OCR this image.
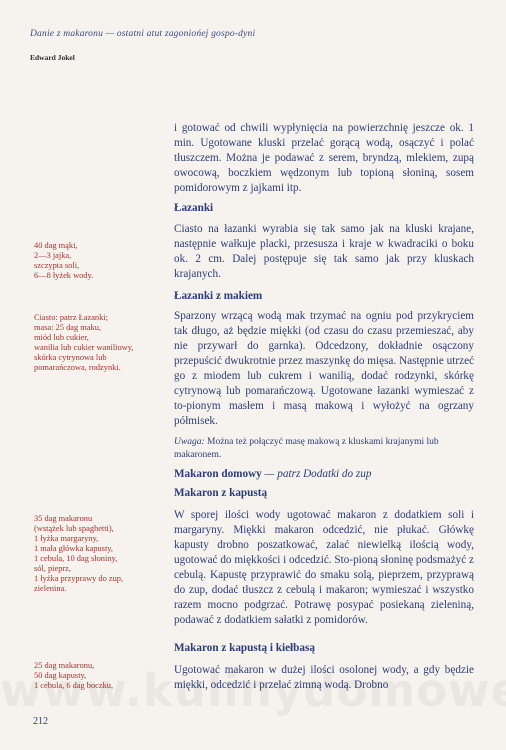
Danie z makaronu — ostatni atut zagoniońej gospo-dyni
Edward Jokel

i gotować od chwili wypłynięcia na powierzchnię jeszcze ok. 1 min. Ugotowane kluski przelać gorącą wodą, osączyć i polać tłuszczem. Można je podawać z serem, bryndzą, mlekiem, zupą owocową, boczkiem wędzonym lub topioną słoniną, sosem pomidorowym z jajkami itp.

Łazanki

Ciasto na łazanki wyrabia się tak samo jak na kluski krajane, następnie wałkuje placki, przesusza i kraje w kwadraciki o boku ok. 2 cm. Dalej postępuje się tak samo jak przy kluskach krajanych.

Łazanki z makiem

Sparzony wrzącą wodą mak trzymać na ogniu pod przykryciem tak długo, aż będzie miękki (od czasu do czasu przemieszać, aby nie przywarł do garnka). Odcedzony, dokładnie osączony przepuścić dwukrotnie przez maszynkę do mięsa. Następnie utrzeć go z miodem lub cukrem i wanilią, dodać rodzynki, skórkę cytrynową lub pomarańczową. Ugotowane łazanki wymieszać z to-pionym masłem i masą makową i wyłożyć na ogrzany półmisek.

Uwaga: Można też połączyć masę makową z kluskami krajanymi lub makaronem.

Makaron domowy — patrz Dodatki do zup

Makaron z kapustą

W sporej ilości wody ugotować makaron z dodatkiem soli i margaryny. Miękki makaron odcedzić, nie płukać. Główkę kapusty drobno poszatkować, zalać niewielką ilością wody, ugotować do miękkości i odcedzić. Sto-pioną słoninę podsmażyć z cebulą. Kapustę przyprawić do smaku solą, pieprzem, przyprawą do zup, dodać tłuszcz z cebulą i makaron; wymieszać i wszystko razem mocno podgrzać. Potrawę posypać posiekaną zieleniną, podawać z dodatkiem sałatki z pomidorów.

Makaron z kapustą i kiełbasą

Ugotować makaron w dużej ilości osolonej wody, a gdy będzie miękki, odcedzić i przelać zimną wodą. Drobno

40 dag mąki,
2—3 jajka,
szczypta soli,
6—8 łyżek wody.
Ciasto: patrz Łazanki;
masa: 25 dag maku,
miód lub cukier,
wanilia lub cukier waniliowy,
skórka cytrynowa lub
pomarańczowa, rodzynki.
35 dag makaronu
(wstążek lub spaghetti),
1 łyżka margaryny,
1 mała główka kapusty,
1 cebula, 10 dag słoniny,
sól, pieprz,
1 łyżka przyprawy do zup,
zielenina.
25 dag makaronu,
50 dag kapusty,
1 cebula, 6 dag boczku,
212
